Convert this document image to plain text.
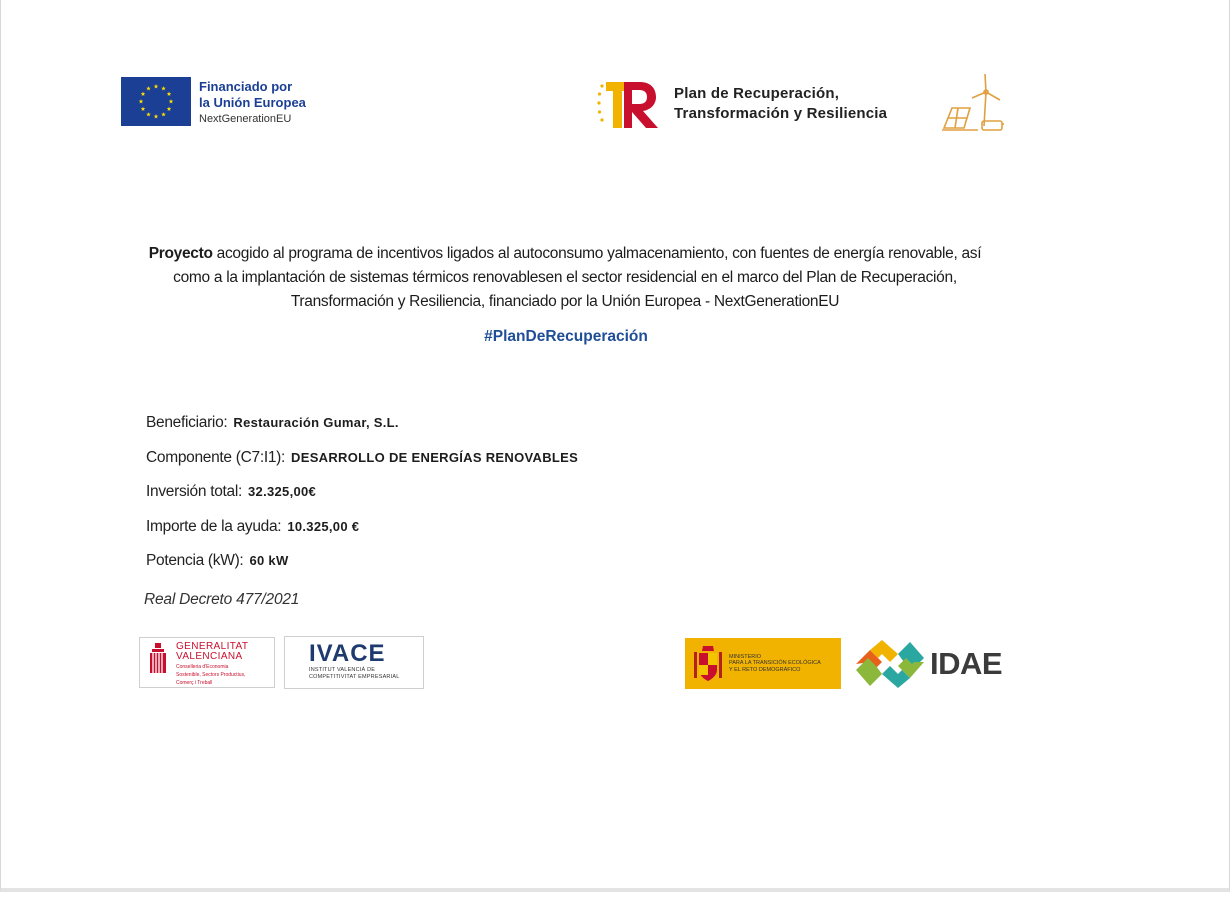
Financiado por
la Unión Europea
NextGenerationEU
Plan de Recuperación,
Transformación y Resiliencia
Proyecto acogido al programa de incentivos ligados al autoconsumo yalmacenamiento, con fuentes de energía renovable, así como a la implantación de sistemas térmicos renovablesen el sector residencial en el marco del Plan de Recuperación, Transformación y Resiliencia, financiado por la Unión Europea - NextGenerationEU
#PlanDeRecuperación
Beneficiario: Restauración Gumar, S.L.
Componente (C7:I1): DESARROLLO DE ENERGÍAS RENOVABLES
Inversión total: 32.325,00€
Importe de la ayuda: 10.325,00 €
Potencia (kW): 60 kW
Real Decreto 477/2021
GENERALITAT
VALENCIANA
Conselleria d'Economia
Sostenible, Sectors Productius,
Comerç i Treball
IVACE
INSTITUT VALENCIÀ DE
COMPETITIVITAT EMPRESARIAL
MINISTERIO
PARA LA TRANSICIÓN ECOLÓGICA
Y EL RETO DEMOGRÁFICO	IDAE
